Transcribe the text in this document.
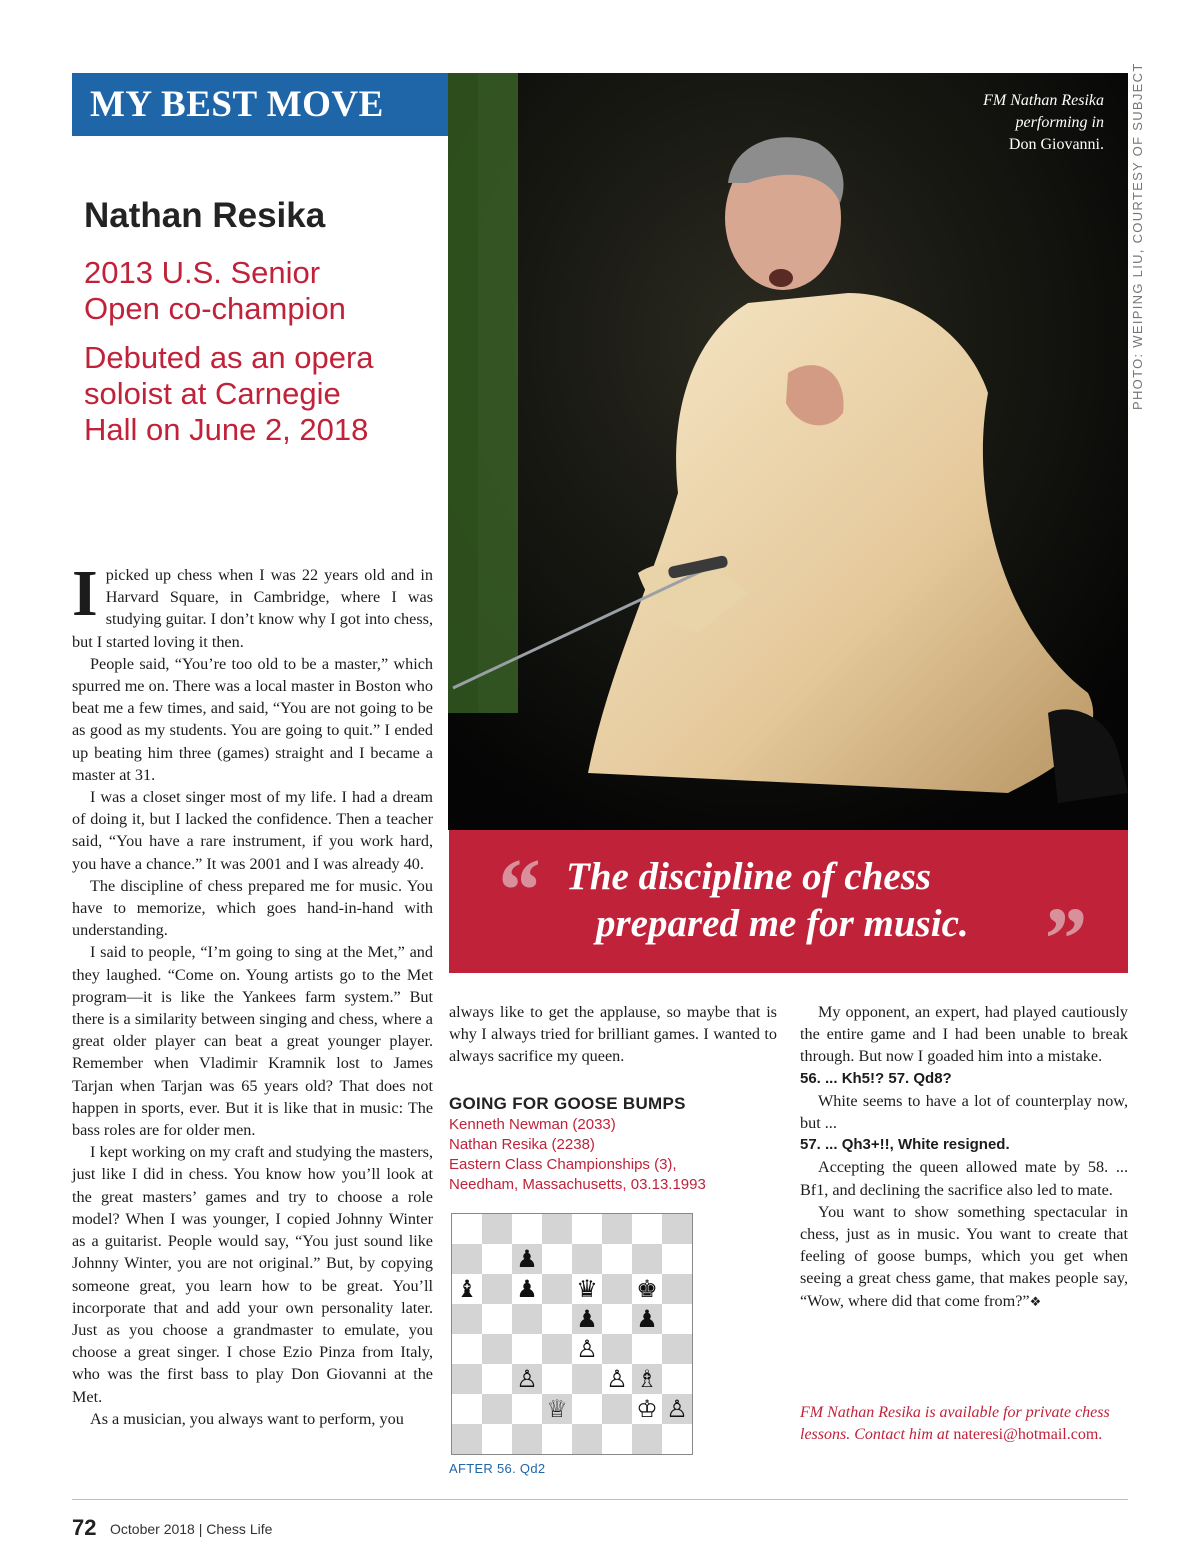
MY BEST MOVE	FM Nathan Resika
performing in
Don Giovanni. PHOTO: WEIPING LIU, COURTESY OF SUBJECT
Nathan Resika
2013 U.S. Senior
Open co-champion
Debuted as an opera
soloist at Carnegie
Hall on June 2, 2018

Ipicked up chess when I was 22 years old and in Harvard Square, in Cambridge, where I was studying guitar. I don’t know why I got into chess, but I started loving it then.

People said, “You’re too old to be a master,” which spurred me on. There was a local master in Boston who beat me a few times, and said, “You are not going to be as good as my students. You are going to quit.” I ended up beating him three (games) straight and I became a master at 31.

I was a closet singer most of my life. I had a dream of doing it, but I lacked the confidence. Then a teacher said, “You have a rare instrument, if you work hard, you have a chance.” It was 2001 and I was already 40.

The discipline of chess prepared me for music. You have to memorize, which goes hand-in-hand with understanding.

I said to people, “I’m going to sing at the Met,” and they laughed. “Come on. Young artists go to the Met program—it is like the Yankees farm system.” But there is a similarity between singing and chess, where a great older player can beat a great younger player. Remember when Vladimir Kramnik lost to James Tarjan when Tarjan was 65 years old? That does not happen in sports, ever. But it is like that in music: The bass roles are for older men.

I kept working on my craft and studying the masters, just like I did in chess. You know how you’ll look at the great masters’ games and try to choose a role model? When I was younger, I copied Johnny Winter as a guitarist. People would say, “You just sound like Johnny Winter, you are not original.” But, by copying someone great, you learn how to be great. You’ll incorporate that and add your own personality later. Just as you choose a grandmaster to emulate, you choose a great singer. I chose Ezio Pinza from Italy, who was the first bass to play Don Giovanni at the Met.

As a musician, you always want to perform, you

“ The discipline of chess
prepared me for music. ”

always like to get the applause, so maybe that is why I always tried for brilliant games. I wanted to always sacrifice my queen.

GOING FOR GOOSE BUMPS
Kenneth Newman (2033)
Nathan Resika (2238)
Eastern Class Championships (3),
Needham, Massachusetts, 03.13.1993
♟
♝ ♟ ♛ ♚
♟ ♟
♙
♙	♙ ♗
♕	♔ ♙
AFTER 56. Qd2

My opponent, an expert, had played cautiously the entire game and I had been unable to break through. But now I goaded him into a mistake.

56. ... Kh5!? 57. Qd8?

White seems to have a lot of counterplay now, but ...

57. ... Qh3+!!, White resigned.

Accepting the queen allowed mate by 58. ... Bf1, and declining the sacrifice also led to mate.

You want to show something spectacular in chess, just as in music. You want to create that feeling of goose bumps, which you get when seeing a great chess game, that makes people say, “Wow, where did that come from?”❖

FM Nathan Resika is available for private chess lessons. Contact him at nateresi@hotmail.com.
72 October 2018 | Chess Life
